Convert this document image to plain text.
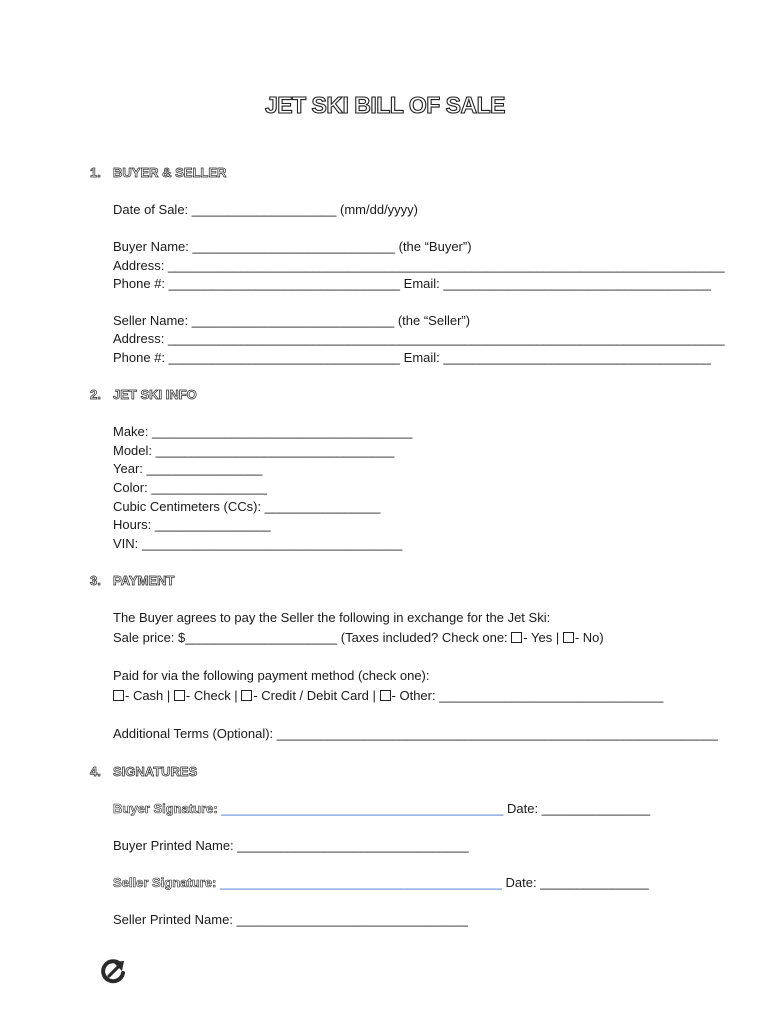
JET SKI BILL OF SALE
1. BUYER & SELLER
Date of Sale: ____________________ (mm/dd/yyyy)
Buyer Name: ____________________________ (the “Buyer”)
Address: _____________________________________________________________________________
Phone #: ________________________________ Email: _____________________________________
Seller Name: ____________________________ (the “Seller”)
Address: _____________________________________________________________________________
Phone #: ________________________________ Email: _____________________________________
2. JET SKI INFO
Make: ____________________________________
Model: _________________________________
Year: ________________
Color: ________________
Cubic Centimeters (CCs): ________________
Hours: ________________
VIN: ____________________________________
3. PAYMENT
The Buyer agrees to pay the Seller the following in exchange for the Jet Ski:
Sale price: $_____________________ (Taxes included? Check one: - Yes | - No)
Paid for via the following payment method (check one):
- Cash | - Check | - Credit / Debit Card | - Other: _______________________________
Additional Terms (Optional): _____________________________________________________________
4. SIGNATURES
Buyer Signature: _______________________________________ Date: _______________
Buyer Printed Name: ________________________________
Seller Signature: _______________________________________ Date: _______________
Seller Printed Name: ________________________________
